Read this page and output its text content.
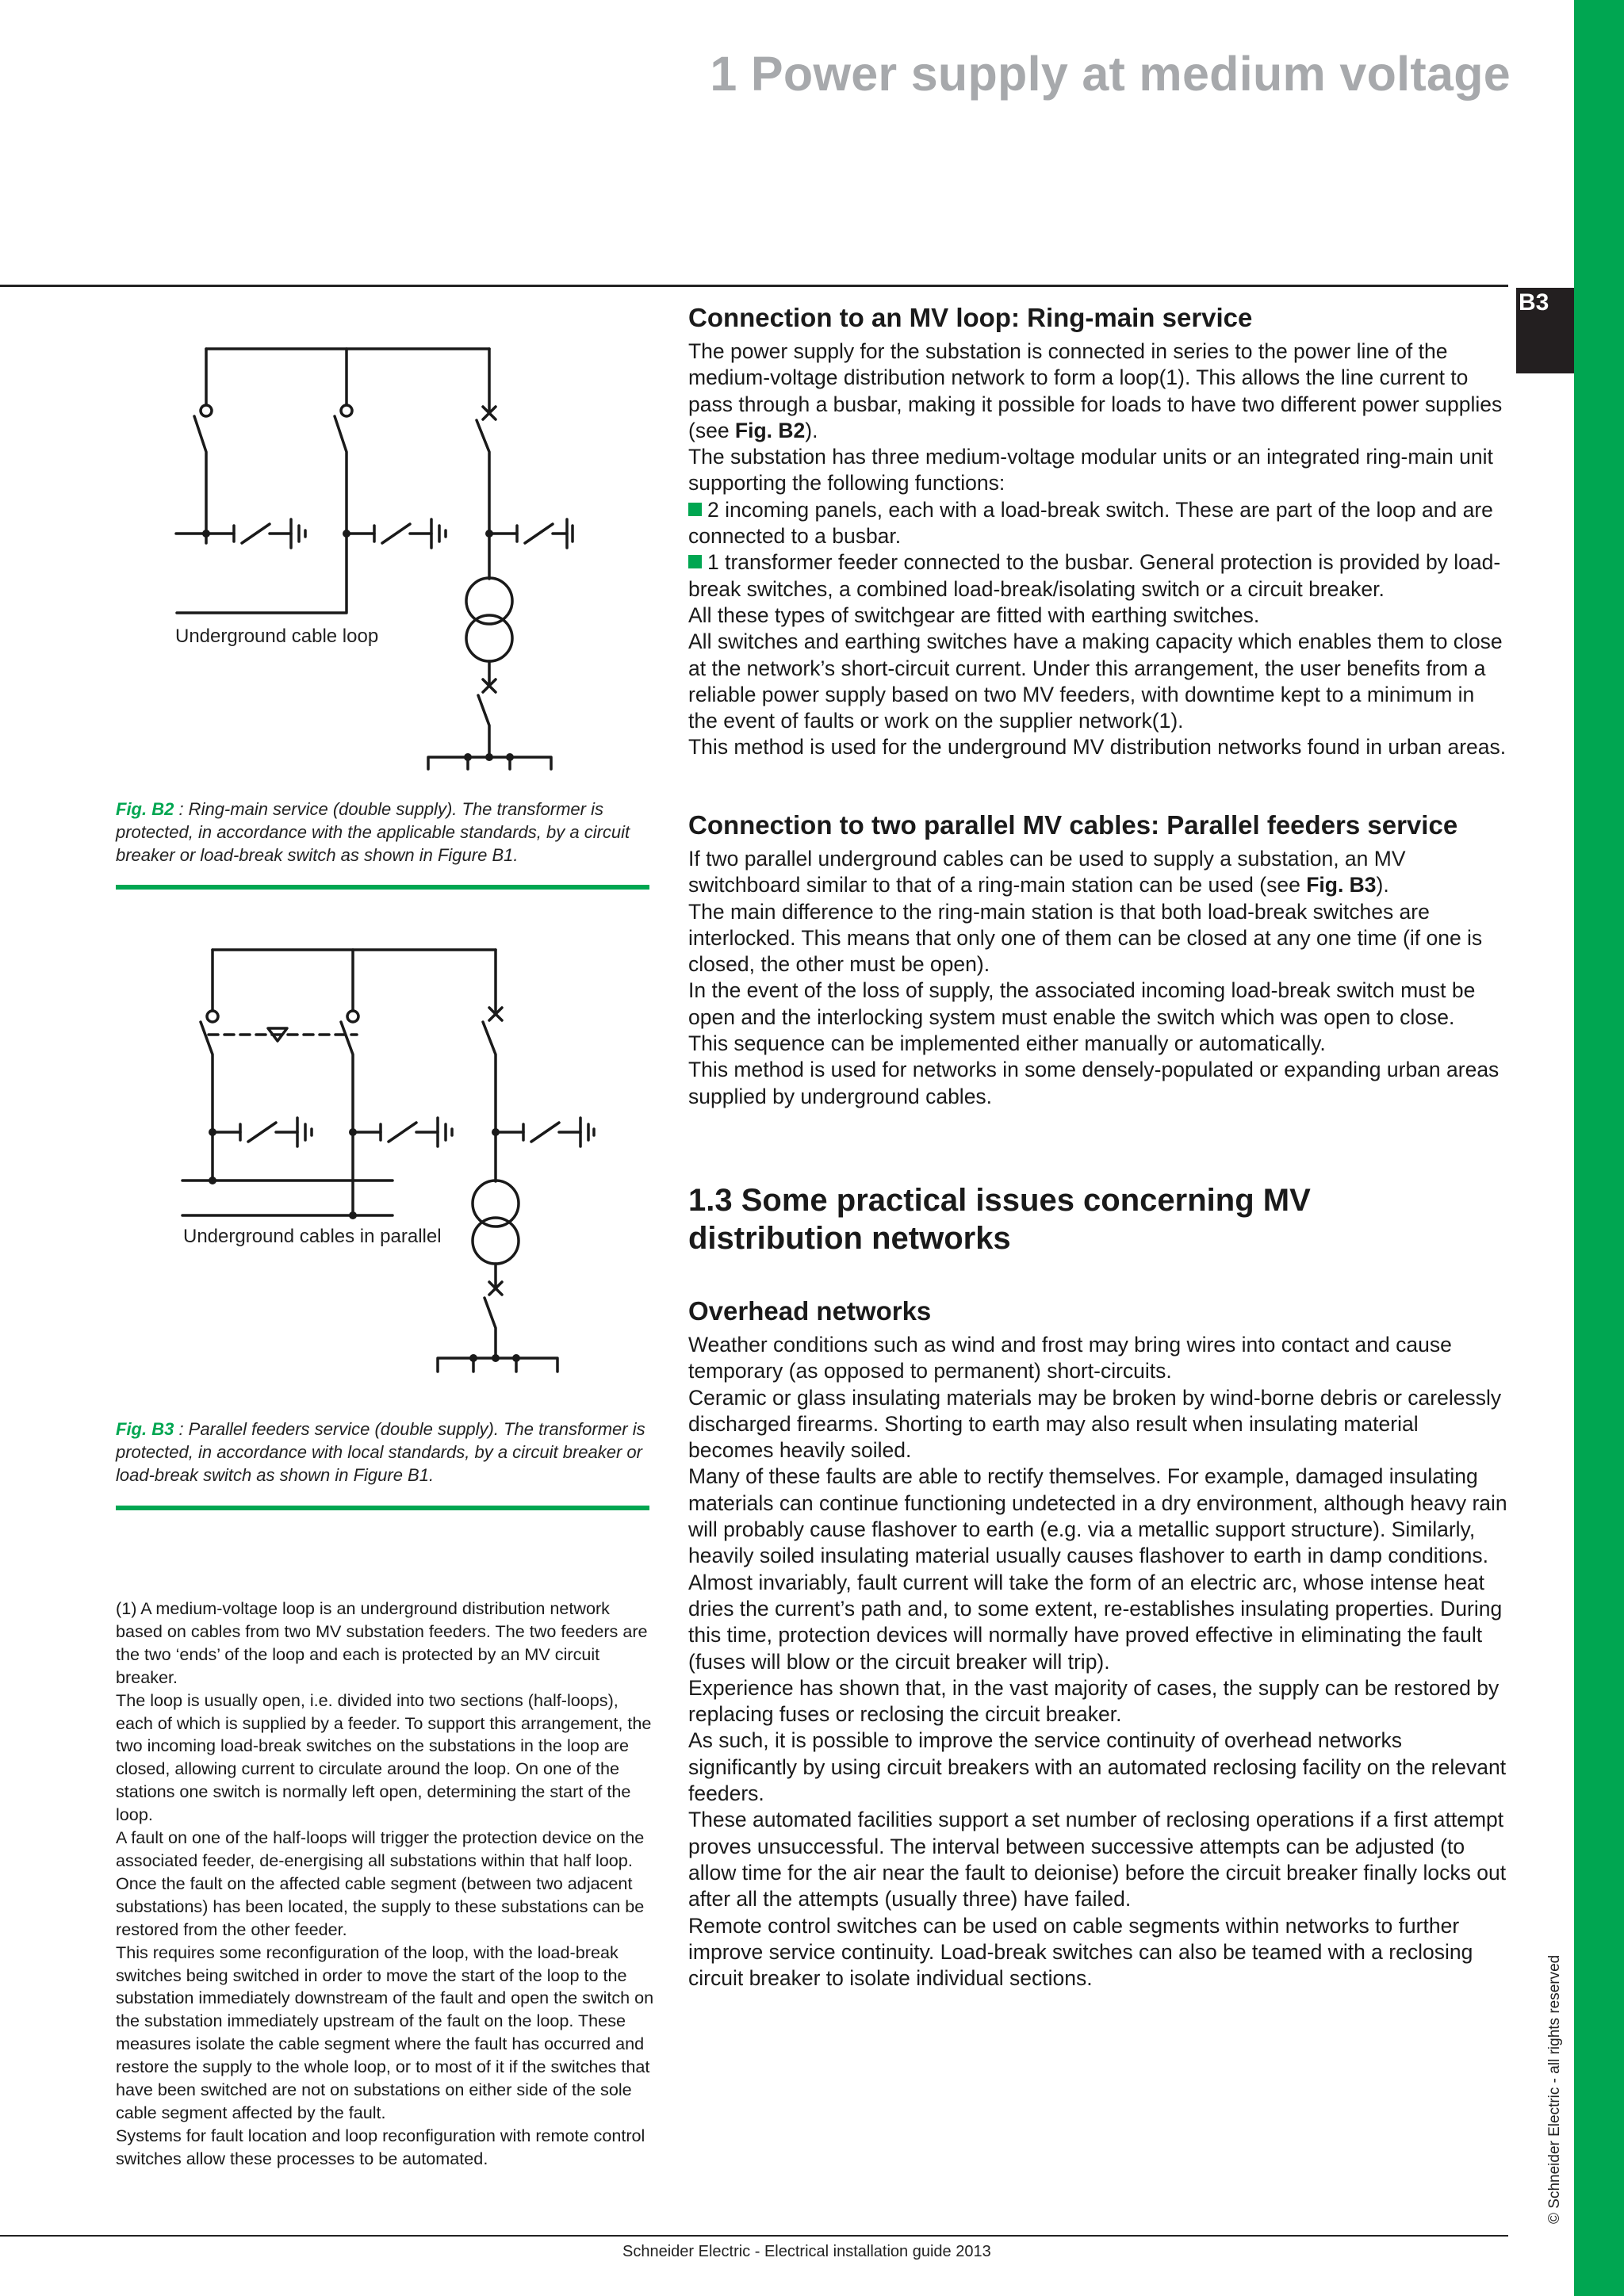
1 Power supply at medium voltage
B3
© Schneider Electric - all rights reserved
Underground cable loop
Fig. B2 : Ring-main service (double supply). The transformer is protected, in accordance with the applicable standards, by a circuit breaker or load-break switch as shown in Figure B1.
Underground cables in parallel
Fig. B3 : Parallel feeders service (double supply). The transformer is protected, in accordance with local standards, by a circuit breaker or load-break switch as shown in Figure B1.

(1) A medium-voltage loop is an underground distribution network based on cables from two MV substation feeders. The two feeders are the two ‘ends’ of the loop and each is protected by an MV circuit breaker.

The loop is usually open, i.e. divided into two sections (half-loops), each of which is supplied by a feeder. To support this arrangement, the two incoming load-break switches on the substations in the loop are closed, allowing current to circulate around the loop. On one of the stations one switch is normally left open, determining the start of the loop.

A fault on one of the half-loops will trigger the protection device on the associated feeder, de-energising all substations within that half loop. Once the fault on the affected cable segment (between two adjacent substations) has been located, the supply to these substations can be restored from the other feeder.

This requires some reconfiguration of the loop, with the load-break switches being switched in order to move the start of the loop to the substation immediately downstream of the fault and open the switch on the substation immediately upstream of the fault on the loop. These measures isolate the cable segment where the fault has occurred and restore the supply to the whole loop, or to most of it if the switches that have been switched are not on substations on either side of the sole cable segment affected by the fault.

Systems for fault location and loop reconfiguration with remote control switches allow these processes to be automated.

Connection to an MV loop: Ring-main service

The power supply for the substation is connected in series to the power line of the medium-voltage distribution network to form a loop(1). This allows the line current to pass through a busbar, making it possible for loads to have two different power supplies (see Fig. B2).

The substation has three medium-voltage modular units or an integrated ring-main unit supporting the following functions:

2 incoming panels, each with a load-break switch. These are part of the loop and are connected to a busbar.

1 transformer feeder connected to the busbar. General protection is provided by load-break switches, a combined load-break/isolating switch or a circuit breaker.

All these types of switchgear are fitted with earthing switches.

All switches and earthing switches have a making capacity which enables them to close at the network’s short-circuit current. Under this arrangement, the user benefits from a reliable power supply based on two MV feeders, with downtime kept to a minimum in the event of faults or work on the supplier network(1).

This method is used for the underground MV distribution networks found in urban areas.

Connection to two parallel MV cables: Parallel feeders service

If two parallel underground cables can be used to supply a substation, an MV switchboard similar to that of a ring-main station can be used (see Fig. B3).

The main difference to the ring-main station is that both load-break switches are interlocked. This means that only one of them can be closed at any one time (if one is closed, the other must be open).

In the event of the loss of supply, the associated incoming load-break switch must be open and the interlocking system must enable the switch which was open to close.

This sequence can be implemented either manually or automatically.

This method is used for networks in some densely-populated or expanding urban areas supplied by underground cables.

1.3 Some practical issues concerning MV distribution networks
Overhead networks

Weather conditions such as wind and frost may bring wires into contact and cause temporary (as opposed to permanent) short-circuits.

Ceramic or glass insulating materials may be broken by wind-borne debris or carelessly discharged firearms. Shorting to earth may also result when insulating material becomes heavily soiled.

Many of these faults are able to rectify themselves. For example, damaged insulating materials can continue functioning undetected in a dry environment, although heavy rain will probably cause flashover to earth (e.g. via a metallic support structure). Similarly, heavily soiled insulating material usually causes flashover to earth in damp conditions.

Almost invariably, fault current will take the form of an electric arc, whose intense heat dries the current’s path and, to some extent, re-establishes insulating properties. During this time, protection devices will normally have proved effective in eliminating the fault (fuses will blow or the circuit breaker will trip).

Experience has shown that, in the vast majority of cases, the supply can be restored by replacing fuses or reclosing the circuit breaker.

As such, it is possible to improve the service continuity of overhead networks significantly by using circuit breakers with an automated reclosing facility on the relevant feeders.

These automated facilities support a set number of reclosing operations if a first attempt proves unsuccessful. The interval between successive attempts can be adjusted (to allow time for the air near the fault to deionise) before the circuit breaker finally locks out after all the attempts (usually three) have failed.

Remote control switches can be used on cable segments within networks to further improve service continuity. Load-break switches can also be teamed with a reclosing circuit breaker to isolate individual sections.

Schneider Electric - Electrical installation guide 2013
